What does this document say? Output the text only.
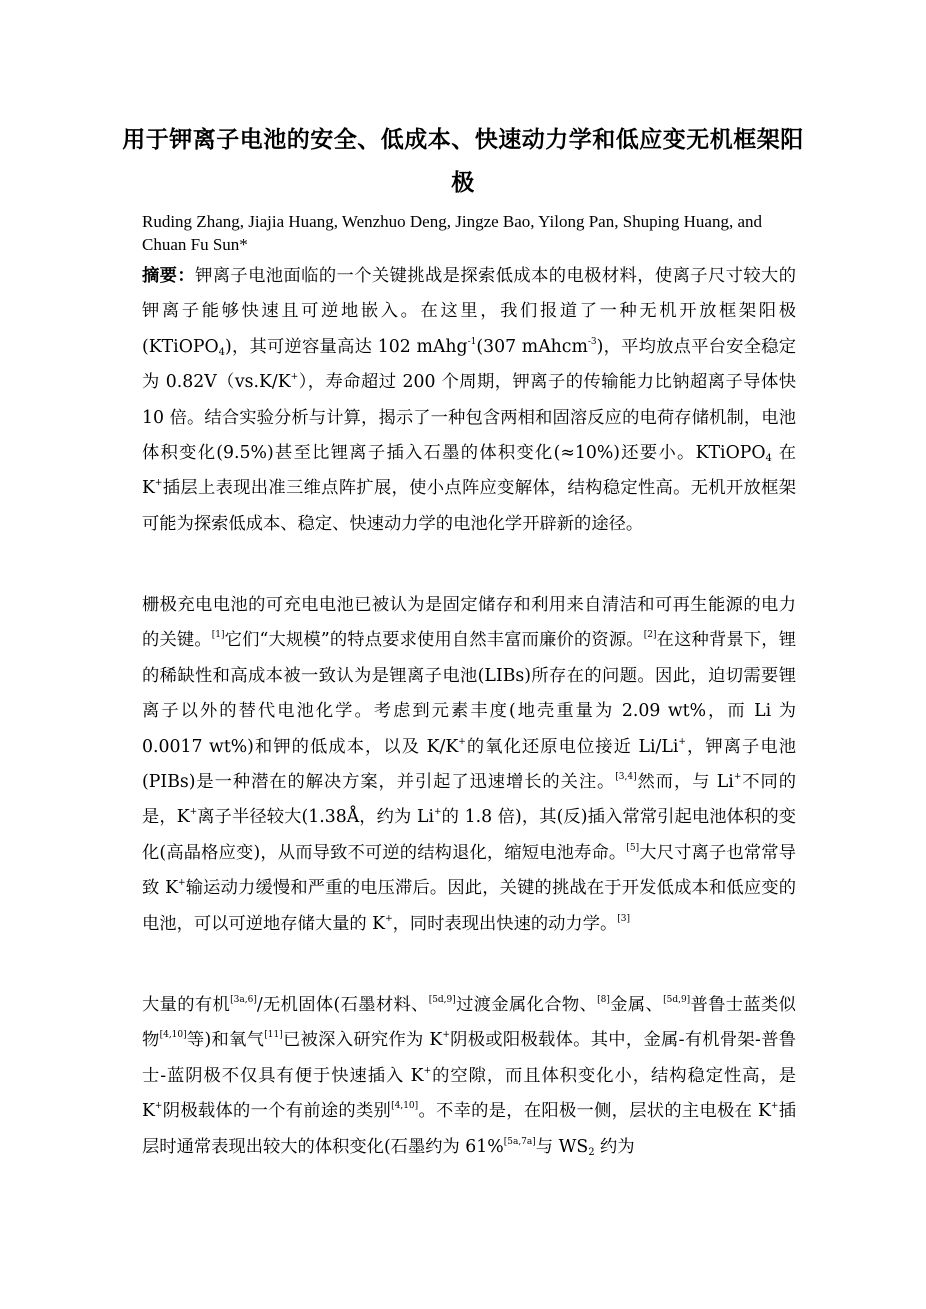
用于钾离子电池的安全、低成本、快速动力学和低应变无机框架阳极
Ruding Zhang, Jiajia Huang, Wenzhuo Deng, Jingze Bao, Yilong Pan, Shuping Huang, and Chuan Fu Sun*

摘要：钾离子电池面临的一个关键挑战是探索低成本的电极材料，使离子尺寸较大的钾离子能够快速且可逆地嵌入。在这里，我们报道了一种无机开放框架阳极(KTiOPO$_4$)，其可逆容量高达 102 mAhg$^{-1}$(307 mAhcm$^{-3}$)，平均放点平台安全稳定为 0.82V（vs.K/K+），寿命超过 200 个周期，钾离子的传输能力比钠超离子导体快 10 倍。结合实验分析与计算，揭示了一种包含两相和固溶反应的电荷存储机制，电池体积变化(9.5%)甚至比锂离子插入石墨的体积变化(≈10%)还要小。KTiOPO$_4$ 在 K+插层上表现出准三维点阵扩展，使小点阵应变解体，结构稳定性高。无机开放框架可能为探索低成本、稳定、快速动力学的电池化学开辟新的途径。

栅极充电电池的可充电电池已被认为是固定储存和利用来自清洁和可再生能源的电力的关键。[1]它们“大规模”的特点要求使用自然丰富而廉价的资源。[2]在这种背景下，锂的稀缺性和高成本被一致认为是锂离子电池(LIBs)所存在的问题。因此，迫切需要锂离子以外的替代电池化学。考虑到元素丰度(地壳重量为 2.09 wt%，而 Li 为 0.0017 wt%)和钾的低成本，以及 K/K+的氧化还原电位接近 Li/Li+，钾离子电池(PIBs)是一种潜在的解决方案，并引起了迅速增长的关注。[3,4]然而，与 Li+不同的是，K+离子半径较大(1.38Å，约为 Li+的 1.8 倍)，其(反)插入常常引起电池体积的变化(高晶格应变)，从而导致不可逆的结构退化，缩短电池寿命。[5]大尺寸离子也常常导致 K+输运动力缓慢和严重的电压滞后。因此，关键的挑战在于开发低成本和低应变的电池，可以可逆地存储大量的 K+，同时表现出快速的动力学。[3]

大量的有机[3a,6]/无机固体(石墨材料、[5d,9]过渡金属化合物、[8]金属、[5d,9]普鲁士蓝类似物[4,10]等)和氧气[11]已被深入研究作为 K+阴极或阳极载体。其中，金属-有机骨架-普鲁士-蓝阴极不仅具有便于快速插入 K+的空隙，而且体积变化小，结构稳定性高，是 K+阴极载体的一个有前途的类别[4,10]。不幸的是，在阳极一侧，层状的主电极在 K+插层时通常表现出较大的体积变化(石墨约为 61%[5a,7a]与 $WS_2$ 约为
